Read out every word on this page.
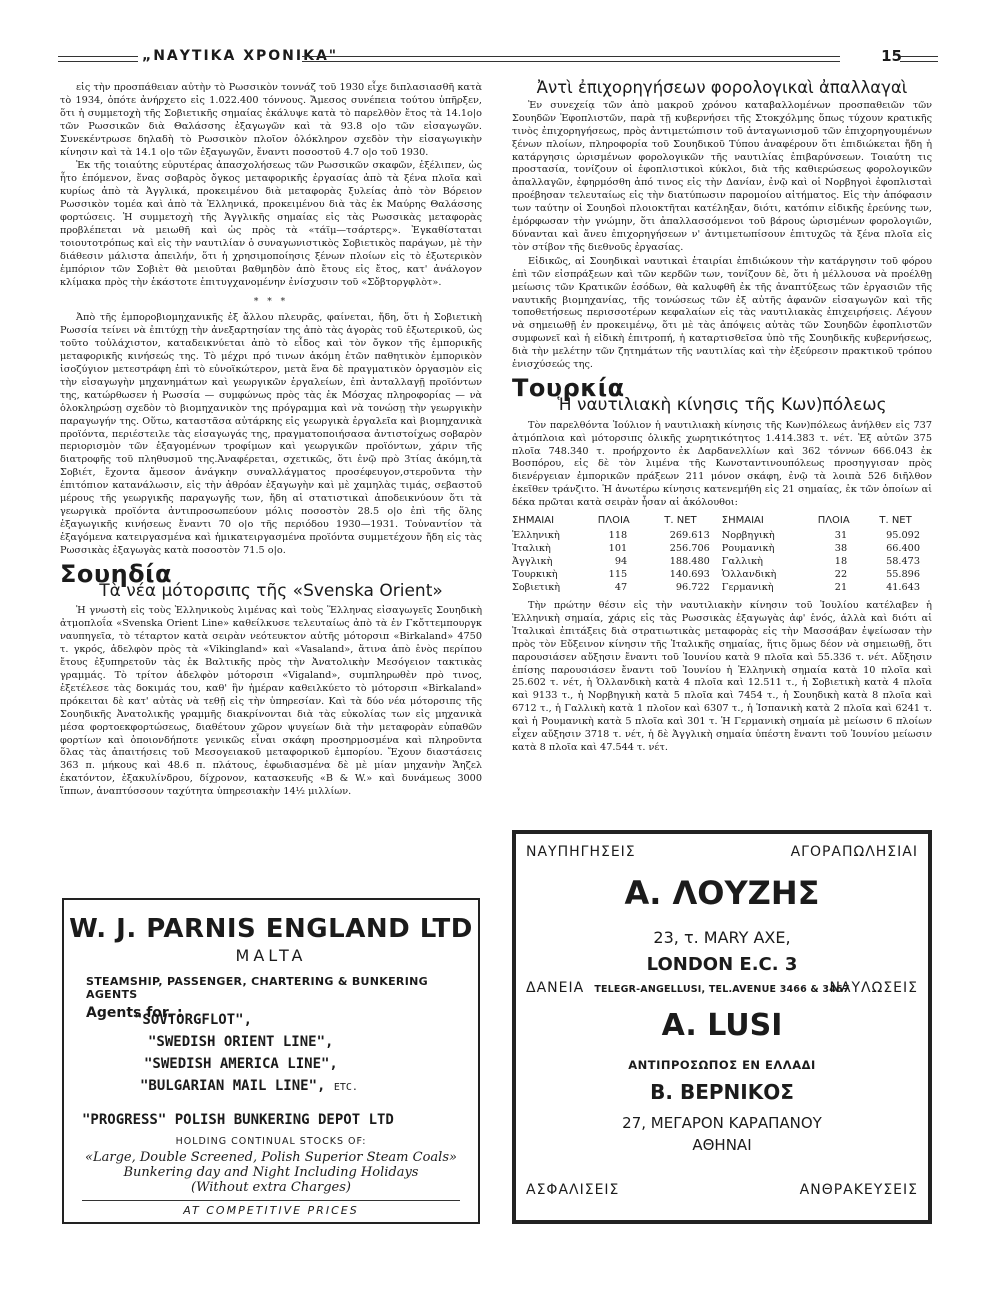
„ΝΑΥΤΙΚΑ ΧΡΟΝΙΚΑ"	15

εἰς τὴν προσπάθειαν αὐτὴν τὸ Ρωσσικὸν τοννάζ τοῦ 1930 εἶχε διπλασιασθῆ κατὰ τὸ 1934, ὁπότε ἀνήρχετο εἰς 1.022.400 τόννους. Ἄμεσος συνέπεια τούτου ὑπῆρξεν, ὅτι ἡ συμμετοχὴ τῆς Σοβιετικῆς σημαίας ἐκάλυψε κατὰ τὸ παρελθὸν ἔτος τὰ 14.1ο|ο τῶν Ρωσσικῶν διὰ Θαλάσσης ἐξαγωγῶν καὶ τὰ 93.8 ο|ο τῶν εἰσαγωγῶν. Συνεκέντρωσε δηλαδὴ τὸ Ρωσσικὸν πλοῖον ὁλόκληρον σχεδὸν τὴν εἰσαγωγικὴν κίνησιν καὶ τὰ 14.1 ο|ο τῶν ἐξαγωγῶν, ἔναντι ποσοστοῦ 4.7 ο|ο τοῦ 1930.

Ἐκ τῆς τοιαύτης εὐρυτέρας ἀπασχολήσεως τῶν Ρωσσικῶν σκαφῶν, ἐξέλιπεν, ὡς ἦτο ἑπόμενον, ἕνας σοβαρὸς ὄγκος μεταφορικῆς ἐργασίας ἀπὸ τὰ ξένα πλοῖα καὶ κυρίως ἀπὸ τὰ Ἀγγλικά, προκειμένου διὰ μεταφορὰς ξυλείας ἀπὸ τὸν Βόρειον Ρωσσικὸν τομέα καὶ ἀπὸ τὰ Ἑλληνικά, προκειμένου διὰ τὰς ἐκ Μαύρης Θαλάσσης φορτώσεις. Ἡ συμμετοχὴ τῆς Ἀγγλικῆς σημαίας εἰς τὰς Ρωσσικὰς μεταφορὰς προβλέπεται νὰ μειωθῆ καὶ ὡς πρὸς τὰ «τάϊμ—τσάρτερς». Ἐγκαθίσταται τοιουτοτρόπως καὶ εἰς τὴν ναυτιλίαν ὁ συναγωνιστικὸς Σοβιετικὸς παράγων, μὲ τὴν διάθεσιν μάλιστα ἀπειλήν, ὅτι ἡ χρησιμοποίησις ξένων πλοίων εἰς τὸ ἐξωτερικὸν ἐμπόριον τῶν Σοβιὲτ θὰ μειοῦται βαθμηδὸν ἀπὸ ἔτους εἰς ἔτος, κατ' ἀνάλογον κλίμακα πρὸς τὴν ἑκάστοτε ἐπιτυγχανομένην ἐνίσχυσιν τοῦ «Σὄβτοργφλὸτ».

* * *

Ἀπὸ τῆς ἐμποροβιομηχανικῆς ἐξ ἄλλου πλευρᾶς, φαίνεται, ἤδη, ὅτι ἡ Σοβιετικὴ Ρωσσία τείνει νὰ ἐπιτύχῃ τὴν ἀνεξαρτησίαν της ἀπὸ τὰς ἀγορὰς τοῦ ἐξωτερικοῦ, ὡς τοῦτο τοὐλάχιστον, καταδεικνύεται ἀπὸ τὸ εἶδος καὶ τὸν ὄγκον τῆς ἐμπορικῆς μεταφορικῆς κινήσεώς της. Τὸ μέχρι πρό τινων ἀκόμη ἐτῶν παθητικὸν ἐμπορικὸν ἰσοζύγιον μετεστράφη ἐπὶ τὸ εὐνοϊκώτερον, μετὰ ἕνα δὲ πραγματικὸν ὀργασμὸν εἰς τὴν εἰσαγωγὴν μηχανημάτων καὶ γεωργικῶν ἐργαλείων, ἐπὶ ἀνταλλαγῇ προϊόντων της, κατώρθωσεν ἡ Ρωσσία — συμφώνως πρὸς τὰς ἐκ Μόσχας πληροφορίας — νὰ ὁλοκληρώσῃ σχεδὸν τὸ βιομηχανικὸν της πρόγραμμα καὶ νὰ τονώσῃ τὴν γεωργικὴν παραγωγήν της. Οὕτω, καταστᾶσα αὐτάρκης εἰς γεωργικὰ ἐργαλεῖα καὶ βιομηχανικὰ προϊόντα, περιέστειλε τὰς εἰσαγωγάς της, πραγματοποιήσασα ἀντιστοίχως σοβαρὸν περιορισμὸν τῶν ἐξαγομένων τροφίμων καὶ γεωργικῶν προϊόντων, χάριν τῆς διατροφῆς τοῦ πληθυσμοῦ της.Ἀναφέρεται, σχετικῶς, ὅτι ἐνῷ πρὸ 3τίας ἀκόμη,τὰ Σοβιέτ, ἔχοντα ἄμεσον ἀνάγκην συναλλάγματος προσέφευγον,στεροῦντα τὴν ἐπιτόπιον κατανάλωσιν, εἰς τὴν ἀθρόαν ἐξαγωγὴν καὶ μὲ χαμηλὰς τιμάς, σεβαστοῦ μέρους τῆς γεωργικῆς παραγωγῆς των, ἤδη αἱ στατιστικαὶ ἀποδεικνύουν ὅτι τὰ γεωργικὰ προϊόντα ἀντιπροσωπεύουν μόλις ποσοστὸν 28.5 ο|ο ἐπὶ τῆς ὅλης ἐξαγωγικῆς κινήσεως ἔναντι 70 ο|ο τῆς περιόδου 1930—1931. Τοὐναντίον τὰ ἐξαγόμενα κατειργασμένα καὶ ἡμικατειργασμένα προϊόντα συμμετέχουν ἤδη εἰς τὰς Ρωσσικὰς ἐξαγωγὰς κατὰ ποσοστὸν 71.5 ο|ο.

Σουηδία
Τὰ νέα μότορσιπς τῆς «Svenska Orient»

Ἡ γνωστὴ εἰς τοὺς Ἑλληνικοὺς λιμένας καὶ τοὺς Ἕλληνας εἰσαγωγεῖς Σουηδικὴ ἀτμοπλοΐα «Svenska Orient Line» καθείλκυσε τελευταίως ἀπὸ τὰ ἐν Γκὄττεμπουργκ ναυπηγεῖα, τὸ τέταρτον κατὰ σειρὰν νεότευκτον αὐτῆς μότορσιπ «Birkaland» 4750 τ. γκρός, ἀδελφὸν πρὸς τὰ «Vikingland» καὶ «Vasaland», ἅτινα ἀπὸ ἑνὸς περίπου ἔτους ἐξυπηρετοῦν τὰς ἐκ Βαλτικῆς πρὸς τὴν Ἀνατολικὴν Μεσόγειον τακτικὰς γραμμάς. Τὸ τρίτον ἀδελφὸν μότορσιπ «Vigaland», συμπληρωθὲν πρὸ τινος, ἐξετέλεσε τὰς δοκιμάς του, καθ' ἣν ἡμέραν καθειλκύετο τὸ μότορσιπ «Birkaland» πρόκειται δὲ κατ' αὐτὰς νὰ τεθῇ εἰς τὴν ὑπηρεσίαν. Καὶ τὰ δύο νέα μότορσιπς τῆς Σουηδικῆς Ἀνατολικῆς γραμμῆς διακρίνονται διὰ τὰς εὐκολίας των εἰς μηχανικὰ μέσα φορτοεκφορτώσεως, διαθέτουν χῶρον ψυγείων διὰ τὴν μεταφορὰν εὐπαθῶν φορτίων καὶ ὁποιονδήποτε γενικῶς εἶναι σκάφη προσηρμοσμένα καὶ πληροῦντα ὅλας τὰς ἀπαιτήσεις τοῦ Μεσογειακοῦ μεταφορικοῦ ἐμπορίου. Ἔχουν διαστάσεις 363 π. μήκους καὶ 48.6 π. πλάτους, ἐφωδιασμένα δὲ μὲ μίαν μηχανὴν Ἄηζελ ἐκατόντον, ἐξακυλίνδρου, δίχρονον, κατασκευῆς «B & W.» καὶ δυνάμεως 3000 ἵππων, ἀναπτύσσουν ταχύτητα ὑπηρεσιακὴν 14½ μιλλίων.

Ἀντὶ ἐπιχορηγήσεων φορολογικαὶ ἀπαλλαγαὶ

Ἐν συνεχείᾳ τῶν ἀπὸ μακροῦ χρόνου καταβαλλομένων προσπαθειῶν τῶν Σουηδῶν Ἐφοπλιστῶν, παρὰ τῇ κυβερνήσει τῆς Στοκχόλμης ὅπως τύχουν κρατικῆς τινὸς ἐπιχορηγήσεως, πρὸς ἀντιμετώπισιν τοῦ ἀνταγωνισμοῦ τῶν ἐπιχορηγουμένων ξένων πλοίων, πληροφορία τοῦ Σουηδικοῦ Τύπου ἀναφέρουν ὅτι ἐπιδιώκεται ἤδη ἡ κατάργησις ὡρισμένων φορολογικῶν τῆς ναυτιλίας ἐπιβαρύνσεων. Τοιαύτη τις προστασία, τονίζουν οἱ ἐφοπλιστικοὶ κύκλοι, διὰ τῆς καθιερώσεως φορολογικῶν ἀπαλλαγῶν, ἐφηρμόσθη ἀπό τινος εἰς τὴν Δανίαν, ἐνῷ καὶ οἱ Νορβηγοὶ ἐφοπλισταὶ προέβησαν τελευταίως εἰς τὴν διατύπωσιν παρομοίου αἰτήματος. Εἰς τὴν ἀπόφασιν των ταύτην οἱ Σουηδοὶ πλοιοκτῆται κατέληξαν, διότι, κατόπιν εἰδικῆς ἐρεύνης των, ἐμόρφωσαν τὴν γνώμην, ὅτι ἀπαλλασσόμενοι τοῦ βάρους ὡρισμένων φορολογιῶν, δύνανται καὶ ἄνευ ἐπιχορηγήσεων ν' ἀντιμετωπίσουν ἐπιτυχῶς τὰ ξένα πλοῖα εἰς τὸν στίβον τῆς διεθνοῦς ἐργασίας.

Εἰδικῶς, αἱ Σουηδικαὶ ναυτικαὶ ἑταιρίαι ἐπιδιώκουν τὴν κατάργησιν τοῦ φόρου ἐπὶ τῶν εἰσπράξεων καὶ τῶν κερδῶν των, τονίζουν δὲ, ὅτι ἡ μέλλουσα νὰ προέλθῃ μείωσις τῶν Κρατικῶν ἐσόδων, θὰ καλυφθῆ ἐκ τῆς ἀναπτύξεως τῶν ἐργασιῶν τῆς ναυτικῆς βιομηχανίας, τῆς τονώσεως τῶν ἐξ αὐτῆς ἀφανῶν εἰσαγωγῶν καὶ τῆς τοποθετήσεως περισσοτέρων κεφαλαίων εἰς τὰς ναυτιλιακὰς ἐπιχειρήσεις. Λέγουν νὰ σημειωθῇ ἐν προκειμένῳ, ὅτι μὲ τὰς ἀπόψεις αὐτὰς τῶν Σουηδῶν ἐφοπλιστῶν συμφωνεῖ καὶ ἡ εἰδικὴ ἐπιτροπή, ἡ καταρτισθεῖσα ὑπὸ τῆς Σουηδικῆς κυβερνήσεως, διὰ τὴν μελέτην τῶν ζητημάτων τῆς ναυτιλίας καὶ τὴν ἐξεύρεσιν πρακτικοῦ τρόπου ἐνισχύσεώς της.

Τουρκία
Ἡ ναυτιλιακὴ κίνησις τῆς Κων)πόλεως

Τὸν παρελθόντα Ἰούλιον ἡ ναυτιλιακὴ κίνησις τῆς Κων)πόλεως ἀνήλθεν εἰς 737 ἀτμόπλοια καὶ μότορσιπς ὁλικῆς χωρητικότητος 1.414.383 τ. νέτ. Ἐξ αὐτῶν 375 πλοῖα 748.340 τ. προήρχοντο ἐκ Δαρδανελλίων καὶ 362 τόννων 666.043 ἐκ Βοσπόρου, εἰς δὲ τὸν λιμένα τῆς Κωνσταντινουπόλεως προσηγγισαν πρὸς διενέργειαν ἐμπορικῶν πράξεων 211 μόνον σκάφη, ἐνῷ τὰ λοιπὰ 526 διῆλθον ἐκεῖθεν τράνζιτο. Ἡ ἀνωτέρω κίνησις κατενεμήθη εἰς 21 σημαίας, ἐκ τῶν ὁποίων αἱ δέκα πρῶται κατὰ σειρὰν ἦσαν αἱ ἀκόλουθοι:

ΣΗΜΑΙΑΙ	ΠΛΟΙΑ	Τ. ΝΕΤ	ΣΗΜΑΙΑΙ	ΠΛΟΙΑ	Τ. ΝΕΤ
Ἑλληνικὴ	118	269.613	Νορβηγικὴ	31	95.092
Ἰταλικὴ	101	256.706	Ρουμανικὴ	38	66.400
Ἀγγλικὴ	94	188.480	Γαλλικὴ	18	58.473
Τουρκικὴ	115	140.693	Ὁλλανδικὴ	22	55.896
Σοβιετικὴ	47	96.722	Γερμανικὴ	21	41.643

Τὴν πρώτην θέσιν εἰς τὴν ναυτιλιακὴν κίνησιν τοῦ Ἰουλίου κατέλαβεν ἡ Ἑλληνικὴ σημαία, χάρις εἰς τὰς Ρωσσικὰς ἐξαγωγὰς ἀφ' ἑνός, ἀλλὰ καὶ διότι αἱ Ἰταλικαὶ ἐπιτάξεις διὰ στρατιωτικὰς μεταφορὰς εἰς τὴν Μασσάβαν ἐψείωσαν τὴν πρὸς τὸν Εὔξεινον κίνησιν τῆς Ἰταλικῆς σημαίας, ἥτις ὅμως δέον νὰ σημειωθῇ, ὅτι παρουσιάσεν αὔξησιν ἔναντι τοῦ Ἰουνίου κατὰ 9 πλοῖα καὶ 55.336 τ. νέτ. Αὔξησιν ἐπίσης παρουσιάσεν ἔναντι τοῦ Ἰουνίου ἡ Ἑλληνικὴ σημαία κατὰ 10 πλοῖα καὶ 25.602 τ. νέτ, ἡ Ὁλλανδικὴ κατὰ 4 πλοῖα καὶ 12.511 τ., ἡ Σοβιετικὴ κατὰ 4 πλοῖα καὶ 9133 τ., ἡ Νορβηγικὴ κατὰ 5 πλοῖα καὶ 7454 τ., ἡ Σουηδικὴ κατὰ 8 πλοῖα καὶ 6712 τ., ἡ Γαλλικὴ κατὰ 1 πλοῖον καὶ 6307 τ., ἡ Ἱσπανικὴ κατὰ 2 πλοῖα καὶ 6241 τ. καὶ ἡ Ρουμανικὴ κατὰ 5 πλοῖα καὶ 301 τ. Ἡ Γερμανικὴ σημαία μὲ μείωσιν 6 πλοίων εἶχεν αὔξησιν 3718 τ. νέτ, ἡ δὲ Ἀγγλικὴ σημαία ὑπέστη ἔναντι τοῦ Ἰουνίου μείωσιν κατὰ 8 πλοῖα καὶ 47.544 τ. νέτ.

W. J. PARNIS ENGLAND LTD
MALTA
STEAMSHIP, PASSENGER, CHARTERING & BUNKERING AGENTS
Agents for. :
"SOVTORGFLOT",
"SWEDISH ORIENT LINE",
"SWEDISH AMERICA LINE",
"BULGARIAN MAIL LINE", ETC.
"PROGRESS" POLISH BUNKERING DEPOT LTD
HOLDING CONTINUAL STOCKS OF:
«Large, Double Screened, Polish Superior Steam Coals»
Bunkering day and Night Including Holidays
(Without extra Charges)
AT COMPETITIVE PRICES
ΝΑΥΠΗΓΗΣΕΙΣ	ΑΓΟΡΑΠΩΛΗΣΙΑΙ
Α. ΛΟΥΖΗΣ
23, τ. MARY AXE,
LONDON E.C. 3
ΔΑΝΕΙΑ	ΝΑΥΛΩΣΕΙΣ
TELEGR-ANGELLUSI, TEL.AVENUE 3466 & 3467
A. LUSI
ΑΝΤΙΠΡΟΣΩΠΟΣ ΕΝ ΕΛΛΑΔΙ
Β. ΒΕΡΝΙΚΟΣ
27, ΜΕΓΑΡΟΝ ΚΑΡΑΠΑΝΟΥ
ΑΘΗΝΑΙ
ΑΣΦΑΛΙΣΕΙΣ	ΑΝΘΡΑΚΕΥΣΕΙΣ
